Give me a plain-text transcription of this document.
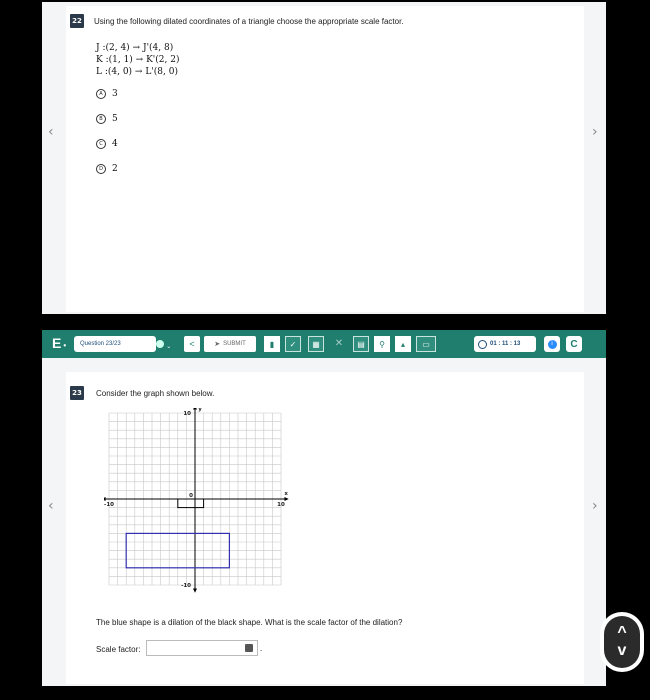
‹	›
22 Using the following dilated coordinates of a triangle choose the appropriate scale factor.
J :(2, 4) → J'(4, 8)
K :(1, 1) → K'(2, 2)
L :(4, 0) → L'(8, 0)
A	3
B	5
C	4
D	2
E • Question 23/23	⌄	<	➤ SUBMIT	▮ ✓ ▦	✕	▤ ⚲ ▴ ▭	01 : 11 : 13	i	C
‹	›
23 Consider the graph shown below.
10
-10
-10	10
0
y
x
The blue shape is a dilation of the black shape. What is the scale factor of the dilation?
Scale factor:	.
^
v
